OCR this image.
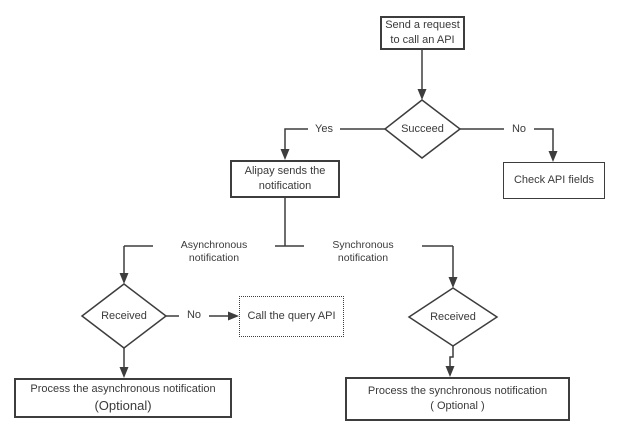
Send a request
to call an API
Alipay sends the
notification	Check API fields
Call the query API
Process the asynchronous notification
(Optional)
Process the synchronous notification
( Optional )
Succeed
Received	Received
Yes	No
Asynchronous notification
Synchronous notification
No
